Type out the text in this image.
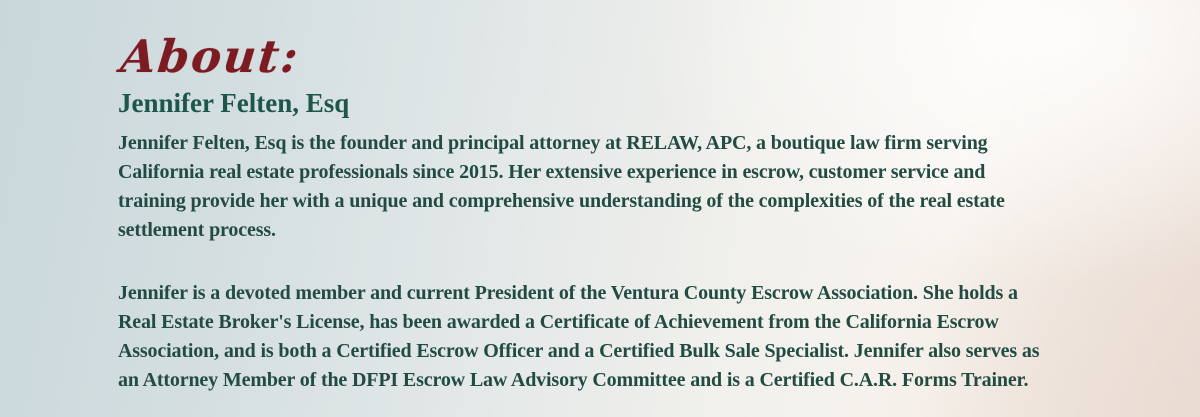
About:
Jennifer Felten, Esq
Jennifer Felten, Esq is the founder and principal attorney at RELAW, APC, a boutique law firm serving
California real estate professionals since 2015. Her extensive experience in escrow, customer service and
training provide her with a unique and comprehensive understanding of the complexities of the real estate
settlement process.
Jennifer is a devoted member and current President of the Ventura County Escrow Association. She holds a
Real Estate Broker's License, has been awarded a Certificate of Achievement from the California Escrow
Association, and is both a Certified Escrow Officer and a Certified Bulk Sale Specialist. Jennifer also serves as
an Attorney Member of the DFPI Escrow Law Advisory Committee and is a Certified C.A.R. Forms Trainer.
